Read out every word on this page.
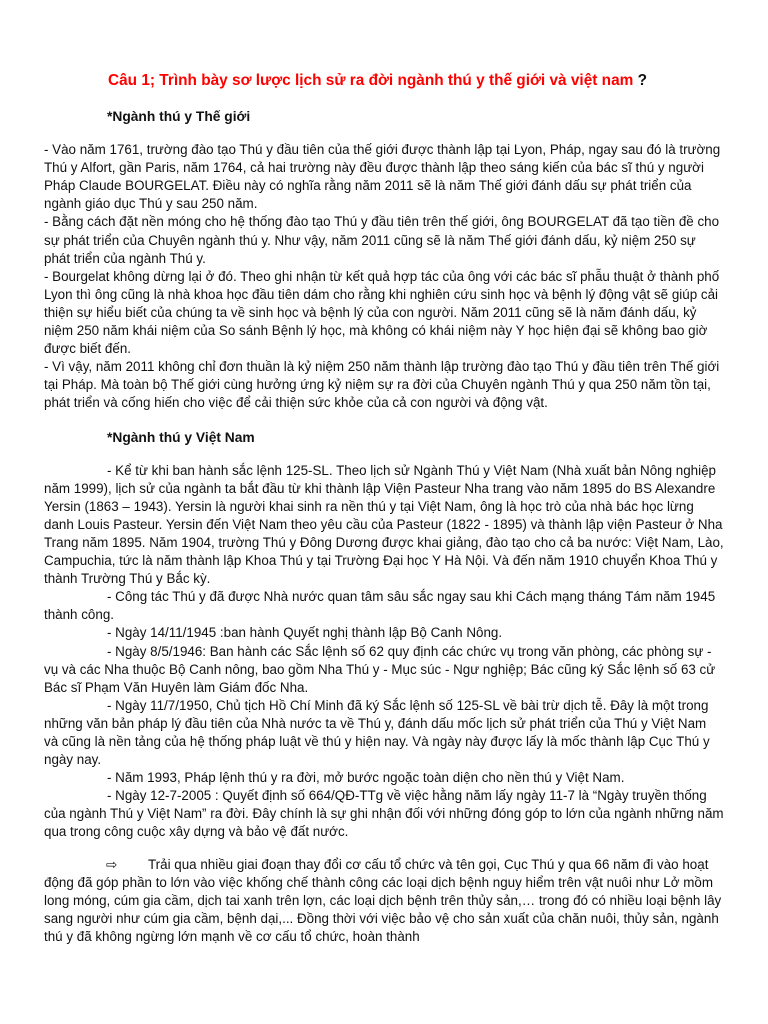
Câu 1; Trình bày sơ lược lịch sử ra đời ngành thú y thế giới và việt nam ?

*Ngành thú y Thế giới

- Vào năm 1761, trường đào tạo Thú y đầu tiên của thế giới được thành lập tại Lyon, Pháp, ngay sau đó là trường Thú y Alfort, gần Paris, năm 1764, cả hai trường này đều được thành lập theo sáng kiến của bác sĩ thú y người Pháp Claude BOURGELAT. Điều này có nghĩa rằng năm 2011 sẽ là năm Thế giới đánh dấu sự phát triển của ngành giáo dục Thú y sau 250 năm.

- Bằng cách đặt nền móng cho hệ thống đào tạo Thú y đầu tiên trên thế giới, ông BOURGELAT đã tạo tiền đề cho sự phát triển của Chuyên ngành thú y. Như vậy, năm 2011 cũng sẽ là năm Thế giới đánh dấu, kỷ niệm 250 sự phát triển của ngành Thú y.

- Bourgelat không dừng lại ở đó. Theo ghi nhận từ kết quả hợp tác của ông với các bác sĩ phẫu thuật ở thành phố Lyon thì ông cũng là nhà khoa học đầu tiên dám cho rằng khi nghiên cứu sinh học và bệnh lý động vật sẽ giúp cải thiện sự hiểu biết của chúng ta về sinh học và bệnh lý của con người. Năm 2011 cũng sẽ là năm đánh dấu, kỷ niệm 250 năm khái niệm của So sánh Bệnh lý học, mà không có khái niệm này Y học hiện đại sẽ không bao giờ được biết đến.

- Vì vậy, năm 2011 không chỉ đơn thuần là kỷ niệm 250 năm thành lập trường đào tạo Thú y đầu tiên trên Thế giới tại Pháp. Mà toàn bộ Thế giới cùng hưởng ứng kỷ niệm sự ra đời của Chuyên ngành Thú y qua 250 năm tồn tại, phát triển và cống hiến cho việc để cải thiện sức khỏe của cả con người và động vật.

*Ngành thú y Việt Nam

- Kể từ khi ban hành sắc lệnh 125-SL. Theo lịch sử Ngành Thú y Việt Nam (Nhà xuất bản Nông nghiệp năm 1999), lịch sử của ngành ta bắt đầu từ khi thành lập Viện Pasteur Nha trang vào năm 1895 do BS Alexandre Yersin (1863 – 1943). Yersin là người khai sinh ra nền thú y tại Việt Nam, ông là học trò của nhà bác học lừng danh Louis Pasteur. Yersin đến Việt Nam theo yêu cầu của Pasteur (1822 - 1895) và thành lập viện Pasteur ở Nha Trang năm 1895. Năm 1904, trường Thú y Đông Dương được khai giảng, đào tạo cho cả ba nước: Việt Nam, Lào, Campuchia, tức là năm thành lập Khoa Thú y tại Trường Đại học Y Hà Nội. Và đến năm 1910 chuyển Khoa Thú y thành Trường Thú y Bắc kỳ.

- Công tác Thú y đã được Nhà nước quan tâm sâu sắc ngay sau khi Cách mạng tháng Tám năm 1945 thành công.

- Ngày 14/11/1945 :ban hành Quyết nghị thành lập Bộ Canh Nông.

- Ngày 8/5/1946: Ban hành các Sắc lệnh số 62 quy định các chức vụ trong văn phòng, các phòng sự - vụ và các Nha thuộc Bộ Canh nông, bao gồm Nha Thú y - Mục súc - Ngư nghiệp; Bác cũng ký Sắc lệnh số 63 cử Bác sĩ Phạm Văn Huyên làm Giám đốc Nha.

- Ngày 11/7/1950, Chủ tịch Hồ Chí Minh đã ký Sắc lệnh số 125-SL về bài trừ dịch tễ. Đây là một trong những văn bản pháp lý đầu tiên của Nhà nước ta về Thú y, đánh dấu mốc lịch sử phát triển của Thú y Việt Nam và cũng là nền tảng của hệ thống pháp luật về thú y hiện nay. Và ngày này được lấy là mốc thành lập Cục Thú y ngày nay.

- Năm 1993, Pháp lệnh thú y ra đời, mở bước ngoặc toàn diện cho nền thú y Việt Nam.

- Ngày 12-7-2005 : Quyết định số 664/QĐ-TTg về việc hằng năm lấy ngày 11-7 là “Ngày truyền thống của ngành Thú y Việt Nam” ra đời. Đây chính là sự ghi nhận đối với những đóng góp to lớn của ngành những năm qua trong công cuộc xây dựng và bảo vệ đất nước.

⇨ Trải qua nhiều giai đoạn thay đổi cơ cấu tổ chức và tên gọi, Cục Thú y qua 66 năm đi vào hoạt động đã góp phần to lớn vào việc khống chế thành công các loại dịch bệnh nguy hiểm trên vật nuôi như Lở mồm long móng, cúm gia cầm, dịch tai xanh trên lợn, các loại dịch bệnh trên thủy sản,… trong đó có nhiều loại bệnh lây sang người như cúm gia cầm, bệnh dại,... Đồng thời với việc bảo vệ cho sản xuất của chăn nuôi, thủy sản, ngành thú y đã không ngừng lớn mạnh về cơ cấu tổ chức, hoàn thành
